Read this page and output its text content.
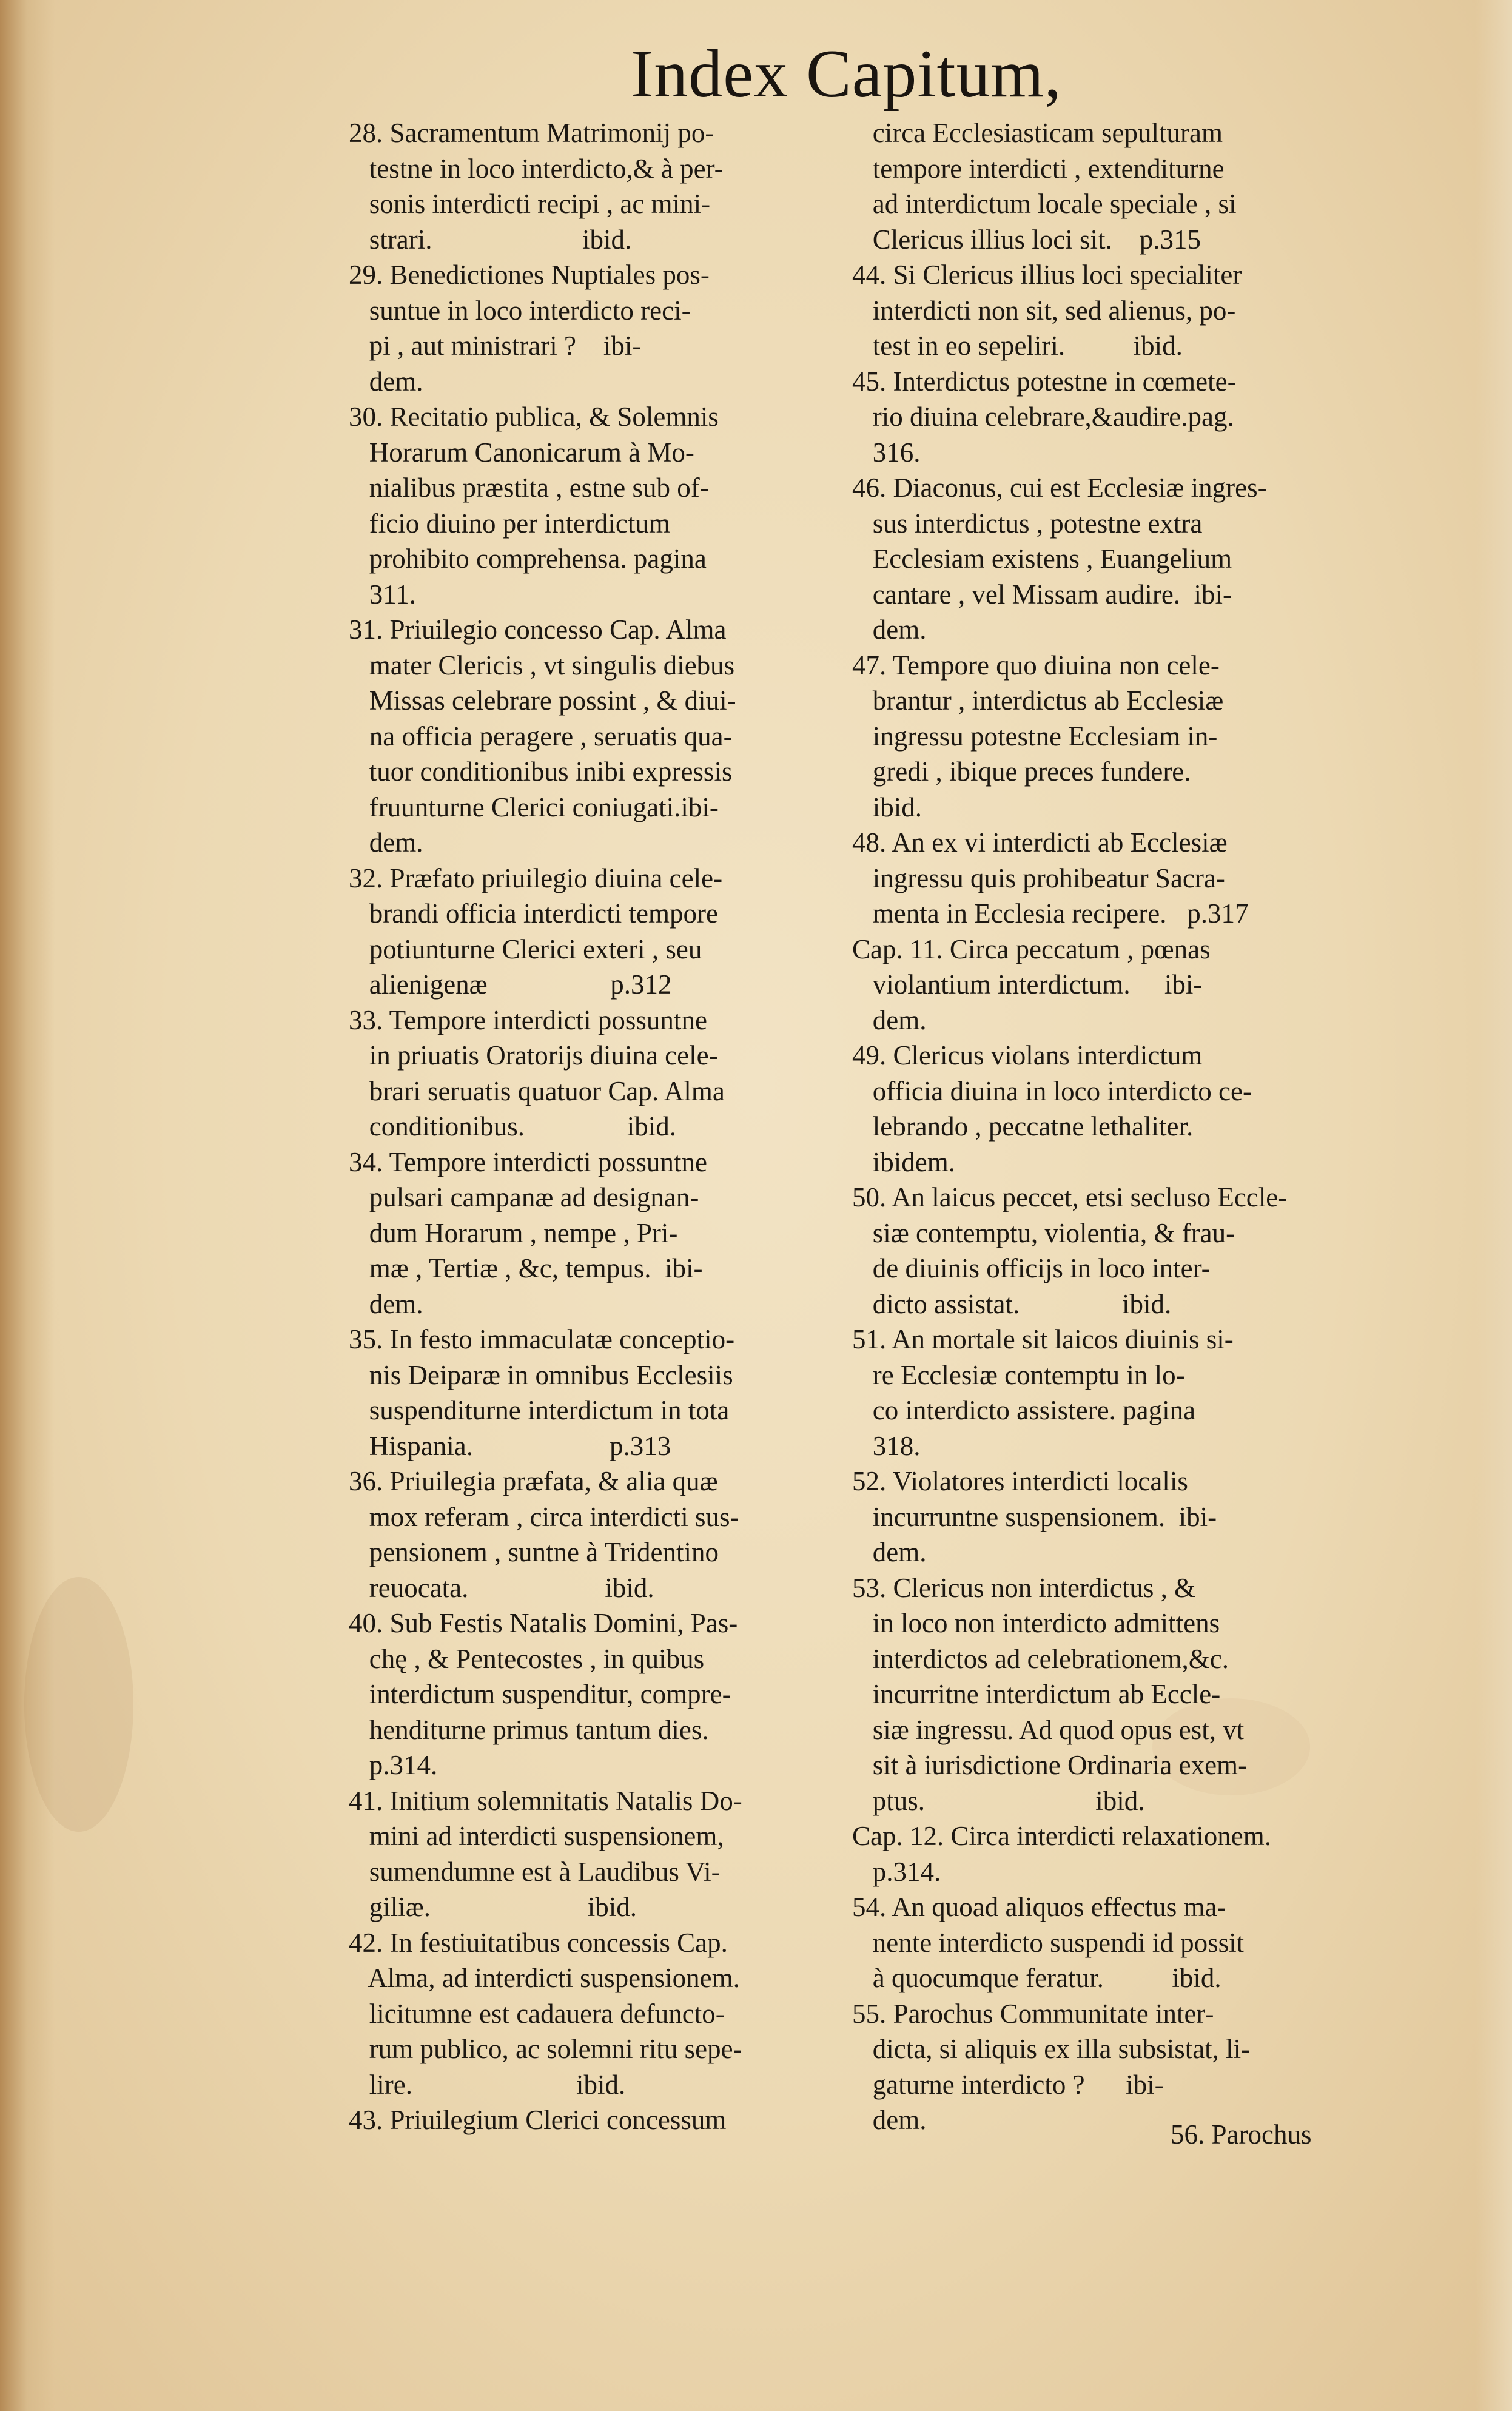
Index Capitum,
28. Sacramentum Matrimonij po-
testne in loco interdicto,& à per-
sonis interdicti recipi , ac mini-
strari.                      ibid.
29. Benedictiones Nuptiales pos-
suntue in loco interdicto reci-
pi , aut ministrari ?    ibi-
dem.
30. Recitatio publica, & Solemnis
Horarum Canonicarum à Mo-
nialibus præstita , estne sub of-
ficio diuino per interdictum
prohibito comprehensa. pagina
311.
31. Priuilegio concesso Cap. Alma
mater Clericis , vt singulis diebus
Missas celebrare possint , & diui-
na officia peragere , seruatis qua-
tuor conditionibus inibi expressis
fruunturne Clerici coniugati.ibi-
dem.
32. Præfato priuilegio diuina cele-
brandi officia interdicti tempore
potiunturne Clerici exteri , seu
alienigenæ                  p.312
33. Tempore interdicti possuntne
in priuatis Oratorijs diuina cele-
brari seruatis quatuor Cap. Alma
conditionibus.               ibid.
34. Tempore interdicti possuntne
pulsari campanæ ad designan-
dum Horarum , nempe , Pri-
mæ , Tertiæ , &c, tempus.  ibi-
dem.
35. In festo immaculatæ conceptio-
nis Deiparæ in omnibus Ecclesiis
suspenditurne interdictum in tota
Hispania.                    p.313
36. Priuilegia præfata, & alia quæ
mox referam , circa interdicti sus-
pensionem , suntne à Tridentino
reuocata.                    ibid.
40. Sub Festis Natalis Domini, Pas-
chę , & Pentecostes , in quibus
interdictum suspenditur, compre-
henditurne primus tantum dies.
p.314.
41. Initium solemnitatis Natalis Do-
mini ad interdicti suspensionem,
sumendumne est à Laudibus Vi-
giliæ.                       ibid.
42. In festiuitatibus concessis Cap.
Alma, ad interdicti suspensionem.
licitumne est cadauera defuncto-
rum publico, ac solemni ritu sepe-
lire.                        ibid.
43. Priuilegium Clerici concessum
circa Ecclesiasticam sepulturam
tempore interdicti , extenditurne
ad interdictum locale speciale , si
Clericus illius loci sit.    p.315
44. Si Clericus illius loci specialiter
interdicti non sit, sed alienus, po-
test in eo sepeliri.          ibid.
45. Interdictus potestne in cœmete-
rio diuina celebrare,&audire.pag.
316.
46. Diaconus, cui est Ecclesiæ ingres-
sus interdictus , potestne extra
Ecclesiam existens , Euangelium
cantare , vel Missam audire.  ibi-
dem.
47. Tempore quo diuina non cele-
brantur , interdictus ab Ecclesiæ
ingressu potestne Ecclesiam in-
gredi , ibique preces fundere.
ibid.
48. An ex vi interdicti ab Ecclesiæ
ingressu quis prohibeatur Sacra-
menta in Ecclesia recipere.   p.317
Cap. 11. Circa peccatum , pœnas
violantium interdictum.     ibi-
dem.
49. Clericus violans interdictum
officia diuina in loco interdicto ce-
lebrando , peccatne lethaliter.
ibidem.
50. An laicus peccet, etsi secluso Eccle-
siæ contemptu, violentia, & frau-
de diuinis officijs in loco inter-
dicto assistat.               ibid.
51. An mortale sit laicos diuinis si-
re Ecclesiæ contemptu in lo-
co interdicto assistere. pagina
318.
52. Violatores interdicti localis
incurruntne suspensionem.  ibi-
dem.
53. Clericus non interdictus , &
in loco non interdicto admittens
interdictos ad celebrationem,&c.
incurritne interdictum ab Eccle-
siæ ingressu. Ad quod opus est, vt
sit à iurisdictione Ordinaria exem-
ptus.                         ibid.
Cap. 12. Circa interdicti relaxationem.
p.314.
54. An quoad aliquos effectus ma-
nente interdicto suspendi id possit
à quocumque feratur.          ibid.
55. Parochus Communitate inter-
dicta, si aliquis ex illa subsistat, li-
gaturne interdicto ?      ibi-
dem.	56. Parochus
